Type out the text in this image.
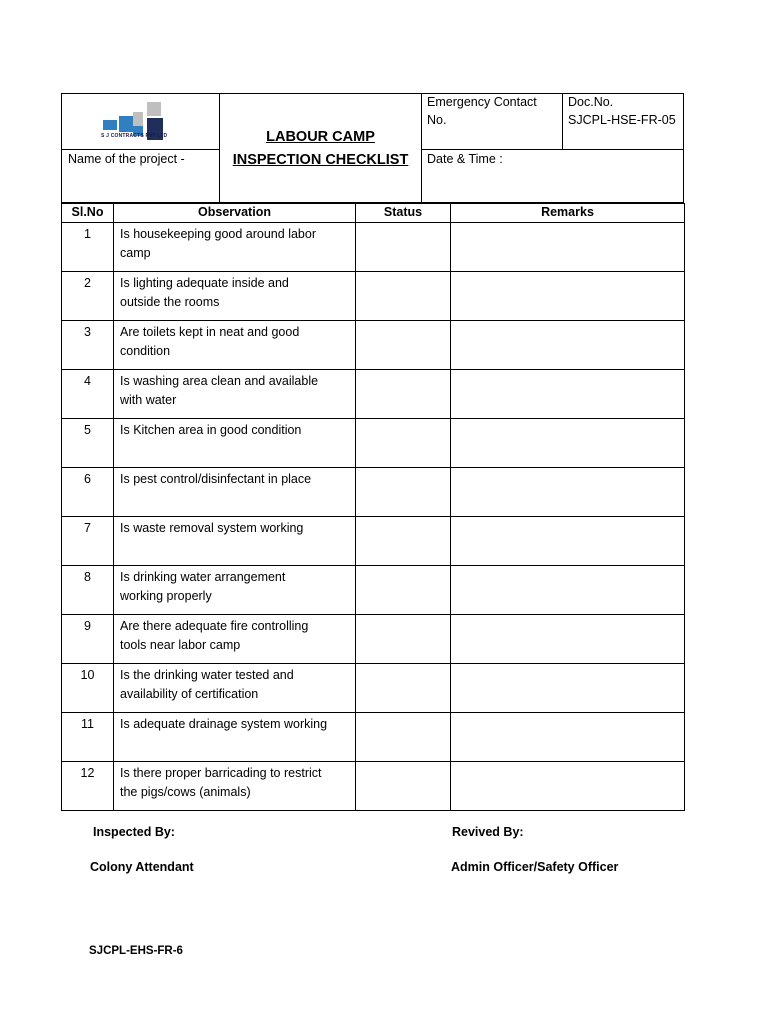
S J CONTRACTS PVT LTD
Name of the project -
LABOUR CAMP
INSPECTION CHECKLIST
Emergency Contact
No.
Doc.No.
SJCPL-HSE-FR-05
Date & Time :
Sl.No	Observation	Status	Remarks
1	Is housekeeping good around labor
camp		

2	Is lighting adequate inside and
outside the rooms		

3	Are toilets kept in neat and good
condition		

4	Is washing area clean and available
with water		

5	Is Kitchen area in good condition		

6	Is pest control/disinfectant in place		

7	Is waste removal system working		

8	Is drinking water arrangement
working properly		

9	Are there adequate fire controlling
tools near labor camp		

10	Is the drinking water tested and
availability of certification		

11	Is adequate drainage system working		

12	Is there proper barricading to restrict
the pigs/cows (animals)		

Inspected By:
Colony Attendant
Revived By:
Admin Officer/Safety Officer
SJCPL-EHS-FR-6
